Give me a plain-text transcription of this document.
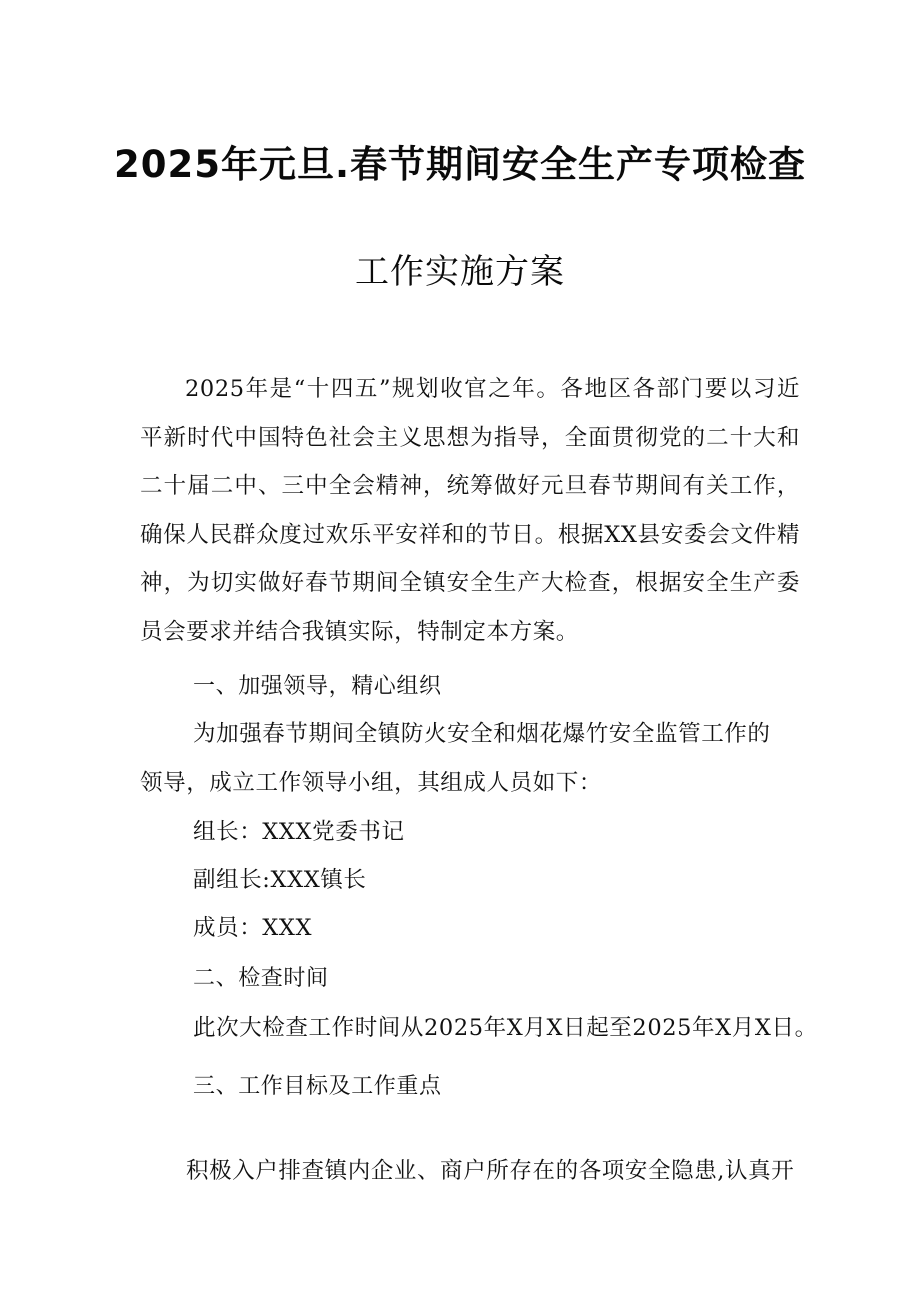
2025年元旦.春节期间安全生产专项检查
工作实施方案
2025年是“十四五”规划收官之年。各地区各部门要以习近平新时代中国特色社会主义思想为指导，全面贯彻党的二十大和二十届二中、三中全会精神，统筹做好元旦春节期间有关工作，确保人民群众度过欢乐平安祥和的节日。根据XX县安委会文件精神，为切实做好春节期间全镇安全生产大检查，根据安全生产委员会要求并结合我镇实际，特制定本方案。
一、加强领导，精心组织
为加强春节期间全镇防火安全和烟花爆竹安全监管工作的
领导，成立工作领导小组，其组成人员如下：
组长：XXX党委书记
副组长:XXX镇长
成员：XXX
二、检查时间
此次大检查工作时间从2025年X月X日起至2025年X月X日。
三、工作目标及工作重点
积极入户排查镇内企业、商户所存在的各项安全隐患,认真开
